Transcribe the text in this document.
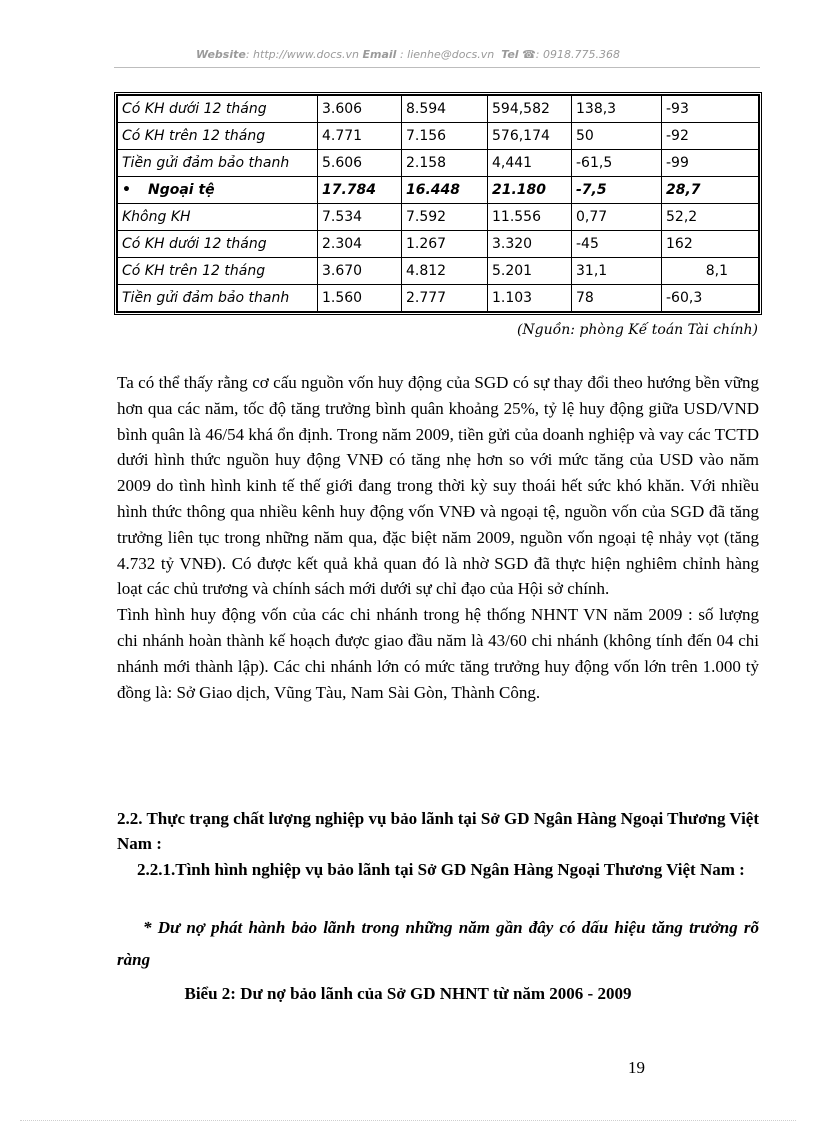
Website: http://www.docs.vn Email : lienhe@docs.vn Tel ☎: 0918.775.368
Có KH dưới 12 tháng	3.606	8.594	594,582	138,3	-93
Có KH trên 12 tháng	4.771	7.156	576,174	50	-92
Tiền gửi đảm bảo thanh	5.606	2.158	4,441	-61,5	-99
• Ngoại tệ	17.784	16.448	21.180	-7,5	28,7
Không KH	7.534	7.592	11.556	0,77	52,2
Có KH dưới 12 tháng	2.304	1.267	3.320	-45	162
Có KH trên 12 tháng	3.670	4.812	5.201	31,1	8,1
Tiền gửi đảm bảo thanh	1.560	2.777	1.103	78	-60,3
(Nguồn: phòng Kế toán Tài chính)

Ta có thể thấy rằng cơ cấu nguồn vốn huy động của SGD có sự thay đổi theo hướng bền vững hơn qua các năm, tốc độ tăng trưởng bình quân khoảng 25%, tỷ lệ huy động giữa USD/VND bình quân là 46/54 khá ổn định. Trong năm 2009, tiền gửi của doanh nghiệp và vay các TCTD dưới hình thức nguồn huy động VNĐ có tăng nhẹ hơn so với mức tăng của USD vào năm 2009 do tình hình kinh tế thế giới đang trong thời kỳ suy thoái hết sức khó khăn. Với nhiều hình thức thông qua nhiều kênh huy động vốn VNĐ và ngoại tệ, nguồn vốn của SGD đã tăng trưởng liên tục trong những năm qua, đặc biệt năm 2009, nguồn vốn ngoại tệ nhảy vọt (tăng 4.732 tỷ VNĐ). Có được kết quả khả quan đó là nhờ SGD đã thực hiện nghiêm chỉnh hàng loạt các chủ trương và chính sách mới dưới sự chỉ đạo của Hội sở chính.

Tình hình huy động vốn của các chi nhánh trong hệ thống NHNT VN năm 2009 : số lượng chi nhánh hoàn thành kế hoạch được giao đầu năm là 43/60 chi nhánh (không tính đến 04 chi nhánh mới thành lập). Các chi nhánh lớn có mức tăng trưởng huy động vốn lớn trên 1.000 tỷ đồng là: Sở Giao dịch, Vũng Tàu, Nam Sài Gòn, Thành Công.

2.2. Thực trạng chất lượng nghiệp vụ bảo lãnh tại Sở GD Ngân Hàng Ngoại Thương Việt Nam :
2.2.1.Tình hình nghiệp vụ bảo lãnh tại Sở GD Ngân Hàng Ngoại Thương Việt Nam :
* Dư nợ phát hành bảo lãnh trong những năm gần đây có dấu hiệu tăng trưởng rõ ràng
Biểu 2: Dư nợ bảo lãnh của Sở GD NHNT từ năm 2006 - 2009
19
